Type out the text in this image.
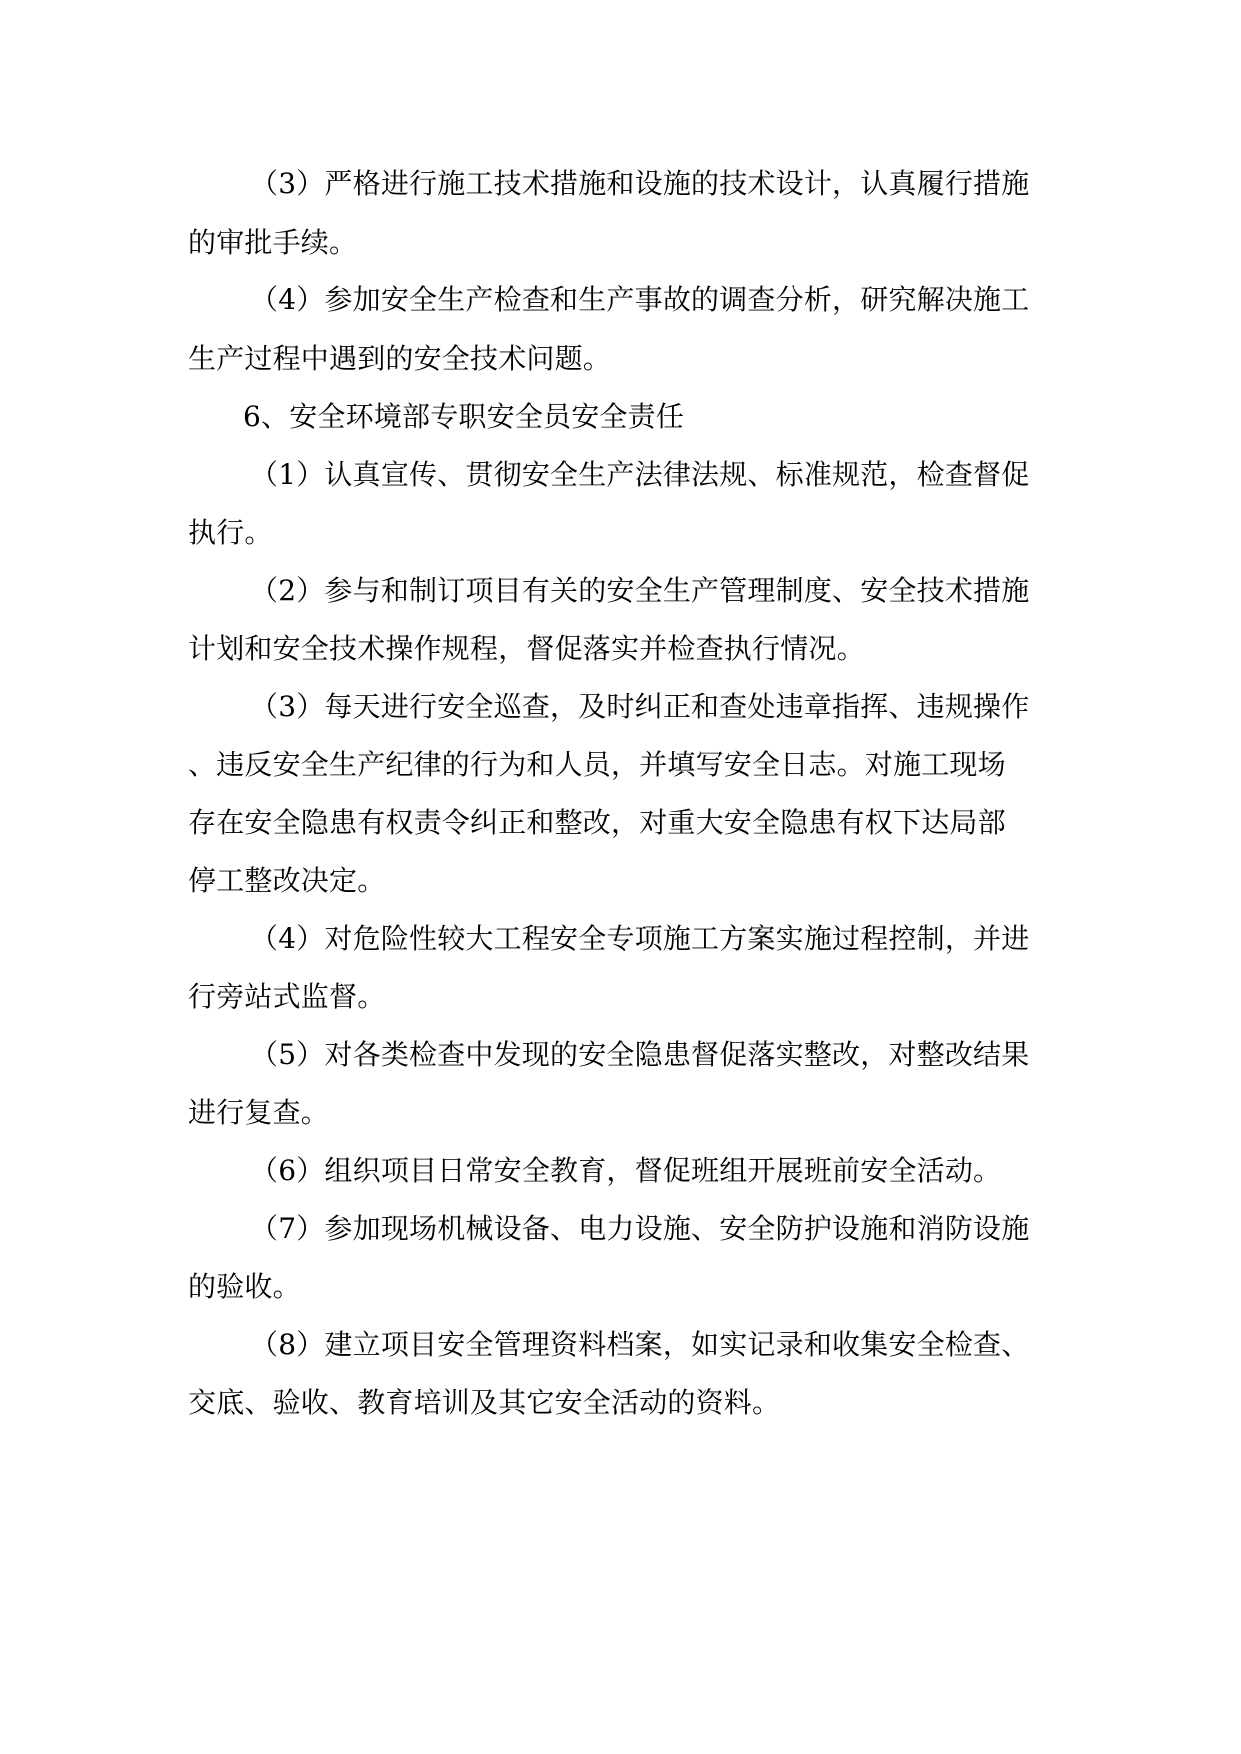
（3）严格进行施工技术措施和设施的技术设计，认真履行措施
的审批手续。
（4）参加安全生产检查和生产事故的调查分析，研究解决施工
生产过程中遇到的安全技术问题。
6、安全环境部专职安全员安全责任
（1）认真宣传、贯彻安全生产法律法规、标准规范，检查督促
执行。
（2）参与和制订项目有关的安全生产管理制度、安全技术措施
计划和安全技术操作规程，督促落实并检查执行情况。
（3）每天进行安全巡查，及时纠正和查处违章指挥、违规操作
、违反安全生产纪律的行为和人员，并填写安全日志。对施工现场
存在安全隐患有权责令纠正和整改，对重大安全隐患有权下达局部
停工整改决定。
（4）对危险性较大工程安全专项施工方案实施过程控制，并进
行旁站式监督。
（5）对各类检查中发现的安全隐患督促落实整改，对整改结果
进行复查。
（6）组织项目日常安全教育，督促班组开展班前安全活动。
（7）参加现场机械设备、电力设施、安全防护设施和消防设施
的验收。
（8）建立项目安全管理资料档案，如实记录和收集安全检查、
交底、验收、教育培训及其它安全活动的资料。
